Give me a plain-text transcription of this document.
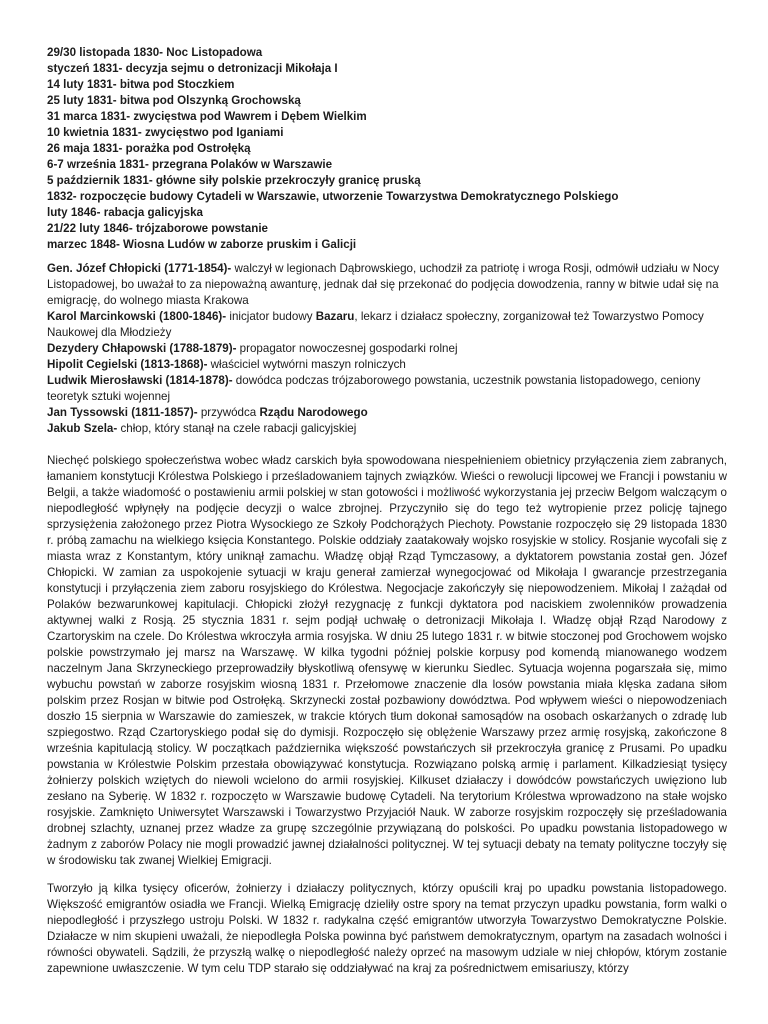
29/30 listopada 1830- Noc Listopadowa
styczeń 1831- decyzja sejmu o detronizacji Mikołaja I
14 luty 1831- bitwa pod Stoczkiem
25 luty 1831- bitwa pod Olszynką Grochowską
31 marca 1831- zwycięstwa pod Wawrem i Dębem Wielkim
10 kwietnia 1831- zwycięstwo pod Iganiami
26 maja 1831- porażka pod Ostrołęką
6-7 września 1831- przegrana Polaków w Warszawie
5 październik 1831- główne siły polskie przekroczyły granicę pruską
1832- rozpoczęcie budowy Cytadeli w Warszawie, utworzenie Towarzystwa Demokratycznego Polskiego
luty 1846- rabacja galicyjska
21/22 luty 1846- trójzaborowe powstanie
marzec 1848- Wiosna Ludów w zaborze pruskim i Galicji
Gen. Józef Chłopicki (1771-1854)- walczył w legionach Dąbrowskiego, uchodził za patriotę i wroga Rosji, odmówił udziału w Nocy Listopadowej, bo uważał to za niepoważną awanturę, jednak dał się przekonać do podjęcia dowodzenia, ranny w bitwie udał się na emigrację, do wolnego miasta Krakowa
Karol Marcinkowski (1800-1846)- inicjator budowy Bazaru, lekarz i działacz społeczny, zorganizował też Towarzystwo Pomocy Naukowej dla Młodzieży
Dezydery Chłapowski (1788-1879)- propagator nowoczesnej gospodarki rolnej
Hipolit Cegielski (1813-1868)- właściciel wytwórni maszyn rolniczych
Ludwik Mierosławski (1814-1878)- dowódca podczas trójzaborowego powstania, uczestnik powstania listopadowego, ceniony teoretyk sztuki wojennej
Jan Tyssowski (1811-1857)- przywódca Rządu Narodowego
Jakub Szela- chłop, który stanął na czele rabacji galicyjskiej

Niechęć polskiego społeczeństwa wobec władz carskich była spowodowana niespełnieniem obietnicy przyłączenia ziem zabranych, łamaniem konstytucji Królestwa Polskiego i prześladowaniem tajnych związków. Wieści o rewolucji lipcowej we Francji i powstaniu w Belgii, a także wiadomość o postawieniu armii polskiej w stan gotowości i możliwość wykorzystania jej przeciw Belgom walczącym o niepodległość wpłynęły na podjęcie decyzji o walce zbrojnej. Przyczyniło się do tego też wytropienie przez policję tajnego sprzysiężenia założonego przez Piotra Wysockiego ze Szkoły Podchorążych Piechoty. Powstanie rozpoczęło się 29 listopada 1830 r. próbą zamachu na wielkiego księcia Konstantego. Polskie oddziały zaatakowały wojsko rosyjskie w stolicy. Rosjanie wycofali się z miasta wraz z Konstantym, który uniknął zamachu. Władzę objął Rząd Tymczasowy, a dyktatorem powstania został gen. Józef Chłopicki. W zamian za uspokojenie sytuacji w kraju generał zamierzał wynegocjować od Mikołaja I gwarancje przestrzegania konstytucji i przyłączenia ziem zaboru rosyjskiego do Królestwa. Negocjacje zakończyły się niepowodzeniem. Mikołaj I zażądał od Polaków bezwarunkowej kapitulacji. Chłopicki złożył rezygnację z funkcji dyktatora pod naciskiem zwolenników prowadzenia aktywnej walki z Rosją. 25 stycznia 1831 r. sejm podjął uchwałę o detronizacji Mikołaja I. Władzę objął Rząd Narodowy z Czartoryskim na czele. Do Królestwa wkroczyła armia rosyjska. W dniu 25 lutego 1831 r. w bitwie stoczonej pod Grochowem wojsko polskie powstrzymało jej marsz na Warszawę. W kilka tygodni później polskie korpusy pod komendą mianowanego wodzem naczelnym Jana Skrzyneckiego przeprowadziły błyskotliwą ofensywę w kierunku Siedlec. Sytuacja wojenna pogarszała się, mimo wybuchu powstań w zaborze rosyjskim wiosną 1831 r. Przełomowe znaczenie dla losów powstania miała klęska zadana siłom polskim przez Rosjan w bitwie pod Ostrołęką. Skrzynecki został pozbawiony dowództwa. Pod wpływem wieści o niepowodzeniach doszło 15 sierpnia w Warszawie do zamieszek, w trakcie których tłum dokonał samosądów na osobach oskarżanych o zdradę lub szpiegostwo. Rząd Czartoryskiego podał się do dymisji. Rozpoczęło się oblężenie Warszawy przez armię rosyjską, zakończone 8 września kapitulacją stolicy. W początkach października większość powstańczych sił przekroczyła granicę z Prusami. Po upadku powstania w Królestwie Polskim przestała obowiązywać konstytucja. Rozwiązano polską armię i parlament. Kilkadziesiąt tysięcy żołnierzy polskich wziętych do niewoli wcielono do armii rosyjskiej. Kilkuset działaczy i dowódców powstańczych uwięziono lub zesłano na Syberię. W 1832 r. rozpoczęto w Warszawie budowę Cytadeli. Na terytorium Królestwa wprowadzono na stałe wojsko rosyjskie. Zamknięto Uniwersytet Warszawski i Towarzystwo Przyjaciół Nauk. W zaborze rosyjskim rozpoczęły się prześladowania drobnej szlachty, uznanej przez władze za grupę szczególnie przywiązaną do polskości. Po upadku powstania listopadowego w żadnym z zaborów Polacy nie mogli prowadzić jawnej działalności politycznej. W tej sytuacji debaty na tematy polityczne toczyły się w środowisku tak zwanej Wielkiej Emigracji.

Tworzyło ją kilka tysięcy oficerów, żołnierzy i działaczy politycznych, którzy opuścili kraj po upadku powstania listopadowego. Większość emigrantów osiadła we Francji. Wielką Emigrację dzieliły ostre spory na temat przyczyn upadku powstania, form walki o niepodległość i przyszłego ustroju Polski. W 1832 r. radykalna część emigrantów utworzyła Towarzystwo Demokratyczne Polskie. Działacze w nim skupieni uważali, że niepodległa Polska powinna być państwem demokratycznym, opartym na zasadach wolności i równości obywateli. Sądzili, że przyszłą walkę o niepodległość należy oprzeć na masowym udziale w niej chłopów, którym zostanie zapewnione uwłaszczenie. W tym celu TDP starało się oddziaływać na kraj za pośrednictwem emisariuszy, którzy
